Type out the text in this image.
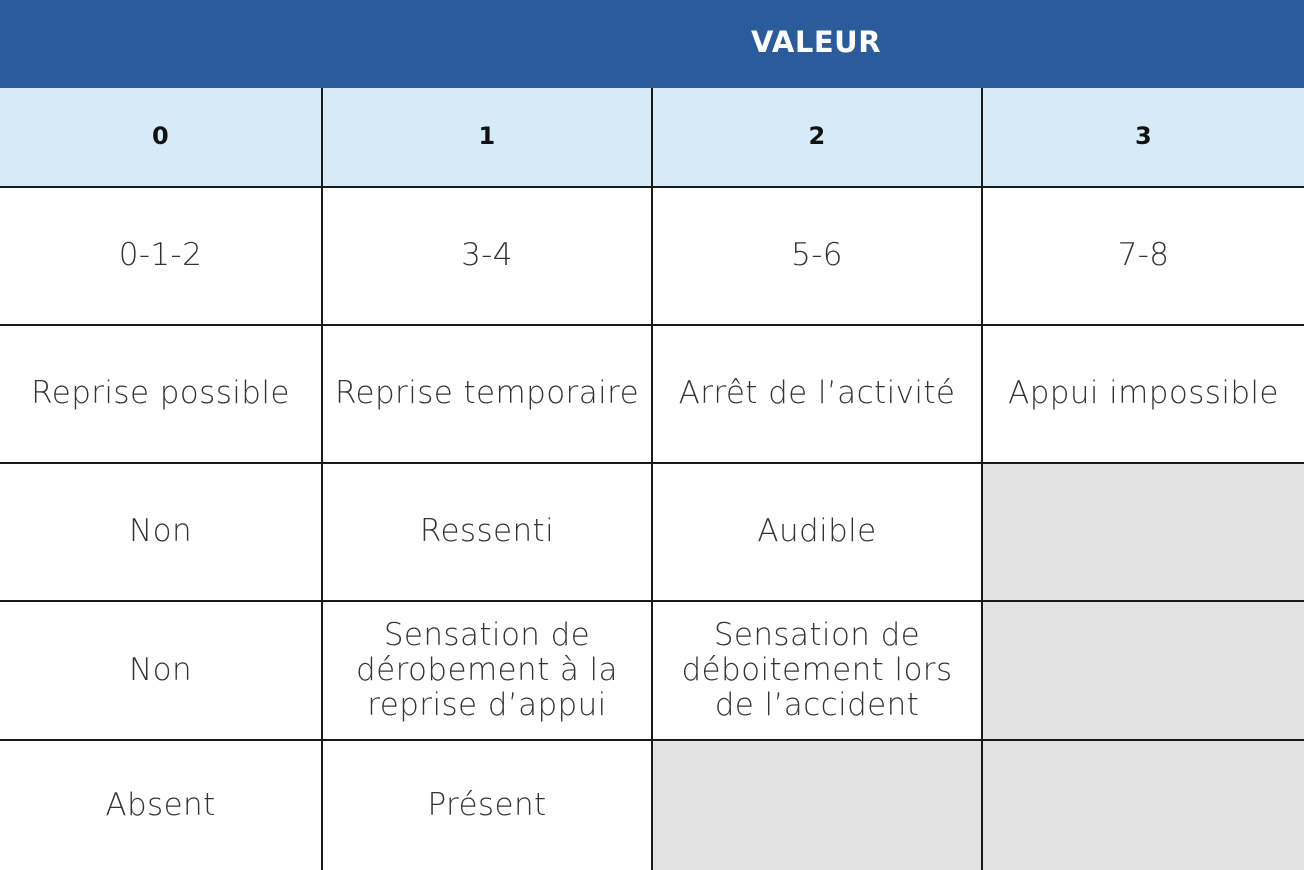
VALEUR
0	1	2	3
0-1-2	3-4	5-6	7-8
Reprise possible	Reprise temporaire	Arrêt de l’activité	Appui impossible
Non	Ressenti	Audible	
Non	Sensation de dérobement à la reprise d’appui	Sensation de déboitement lors de l’accident	
Absent	Présent		
